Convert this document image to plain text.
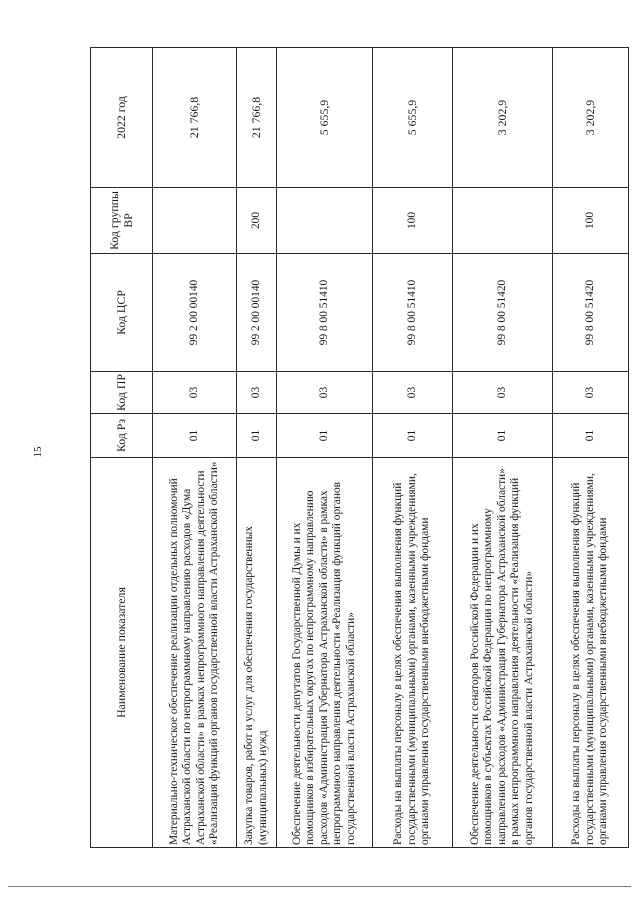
15
Наименование показателя	Код Рз	Код ПР	Код ЦСР	Код группы ВР	2022 год
Материально-техническое обеспечение реализации отдельных полномочий Астраханской области по непрограммному направлению расходов «Дума Астраханской области» в рамках непрограммного направления деятельности «Реализация функций органов государственной власти Астраханской области»	01	03	99 2 00 00140		21 766,8
Закупка товаров, работ и услуг для обеспечения государственных (муниципальных) нужд	01	03	99 2 00 00140	200	21 766,8
Обеспечение деятельности депутатов Государственной Думы и их помощников в избирательных округах по непрограммному направлению расходов «Администрация Губернатора Астраханской области» в рамках непрограммного направления деятельности «Реализация функций органов государственной власти Астраханской области»	01	03	99 8 00 51410		5 655,9
Расходы на выплаты персоналу в целях обеспечения выполнения функций государственными (муниципальными) органами, казенными учреждениями, органами управления государственными внебюджетными фондами	01	03	99 8 00 51410	100	5 655,9
Обеспечение деятельности сенаторов Российской Федерации и их помощников в субъектах Российской Федерации по непрограммному направлению расходов «Администрация Губернатора Астраханской области» в рамках непрограммного направления деятельности «Реализация функций органов государственной власти Астраханской области»	01	03	99 8 00 51420		3 202,9
Расходы на выплаты персоналу в целях обеспечения выполнения функций государственными (муниципальными) органами, казенными учреждениями, органами управления государственными внебюджетными фондами	01	03	99 8 00 51420	100	3 202,9
